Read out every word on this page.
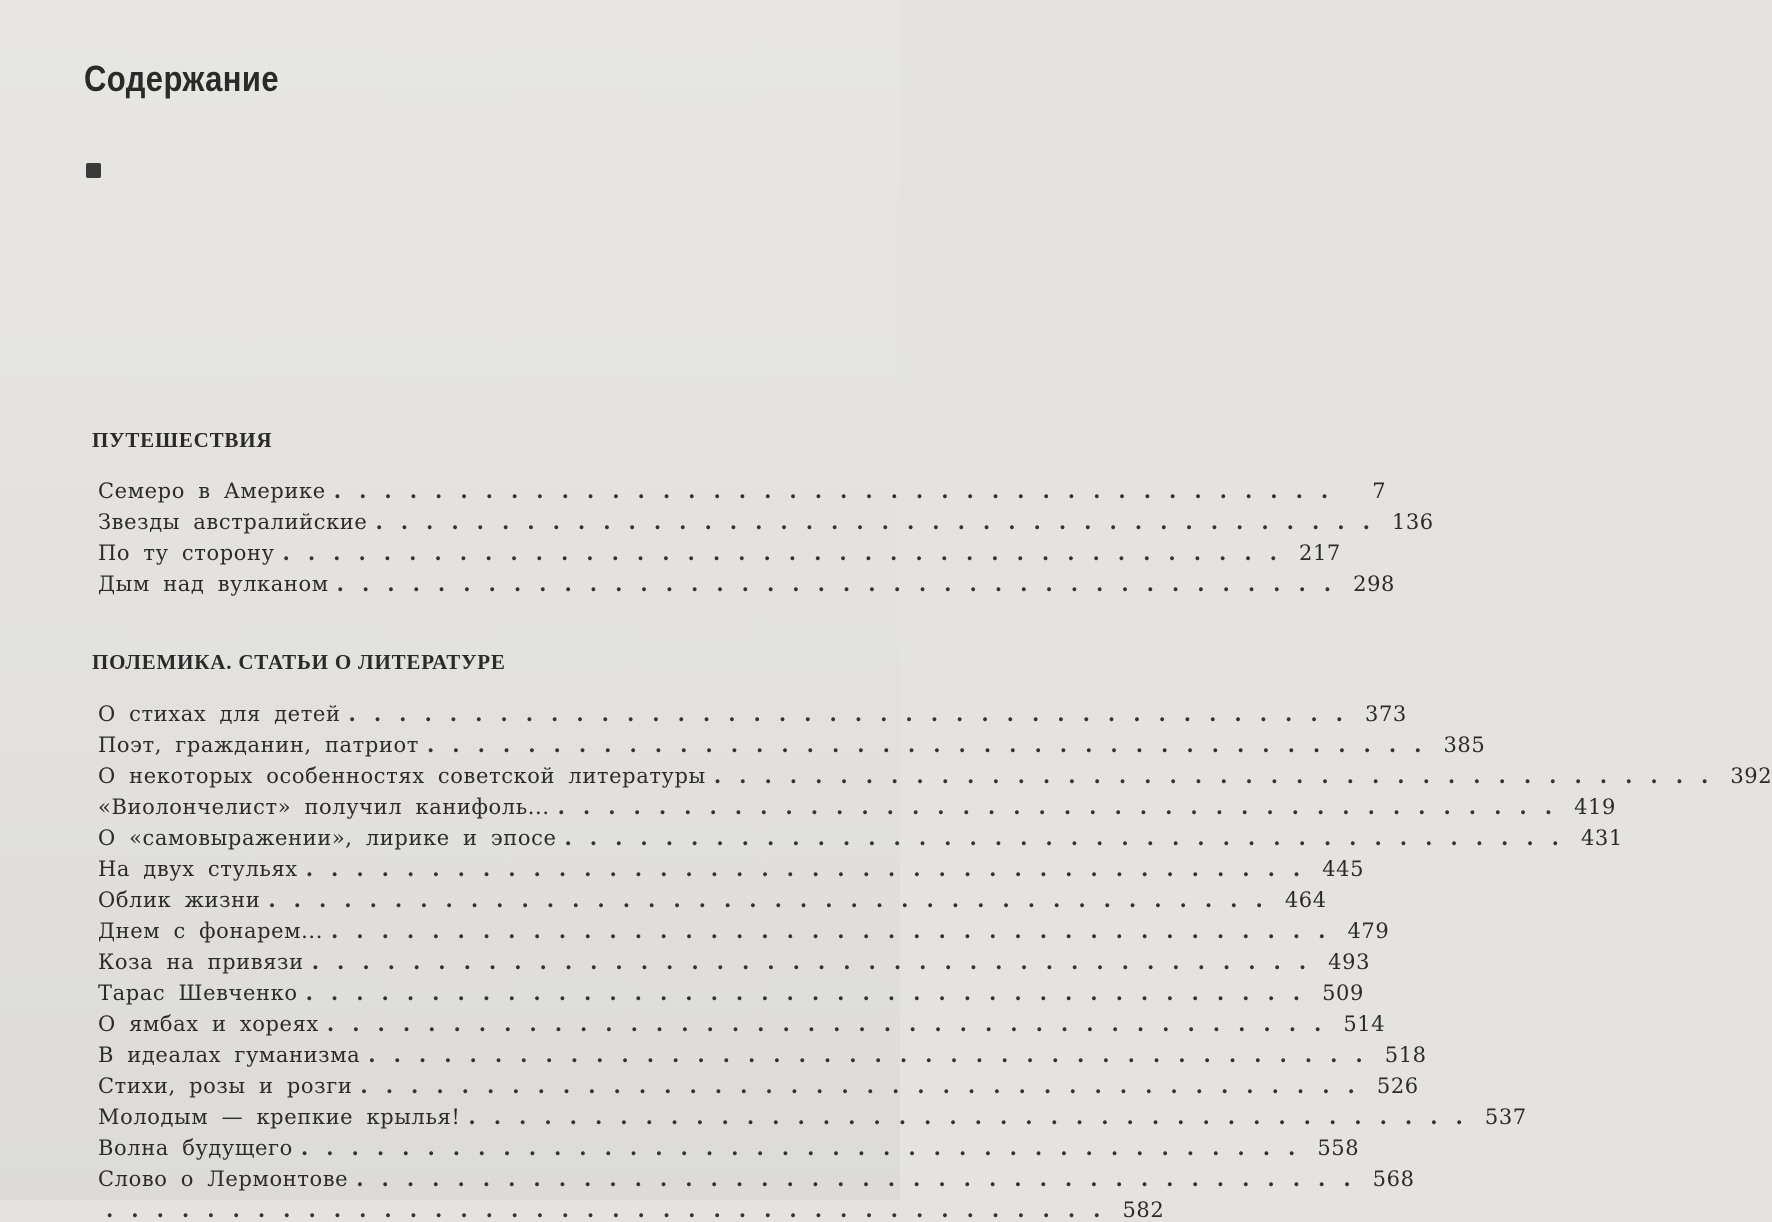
Содержание
ПУТЕШЕСТВИЯ
Семеро в Америке ........................................	7
Звезды австралийские ........................................ 136
По ту сторону ........................................ 217
Дым над вулканом ........................................ 298
ПОЛЕМИКА. СТАТЬИ О ЛИТЕРАТУРЕ
О стихах для детей ........................................ 373
Поэт, гражданин, патриот ........................................ 385
О некоторых особенностях советской литературы ........................................ 392
«Виолончелист» получил канифоль... ........................................ 419
О «самовыражении», лирике и эпосе ........................................ 431
На двух стульях ........................................ 445
Облик жизни ........................................ 464
Днем с фонарем... ........................................ 479
Коза на привязи ........................................ 493
Тарас Шевченко ........................................ 509
О ямбах и хореях ........................................ 514
В идеалах гуманизма ........................................ 518
Стихи, розы и розги ........................................ 526
Молодым — крепкие крылья! ........................................ 537
Волна будущего ........................................ 558
Слово о Лермонтове ........................................ 568
........................................ 582
